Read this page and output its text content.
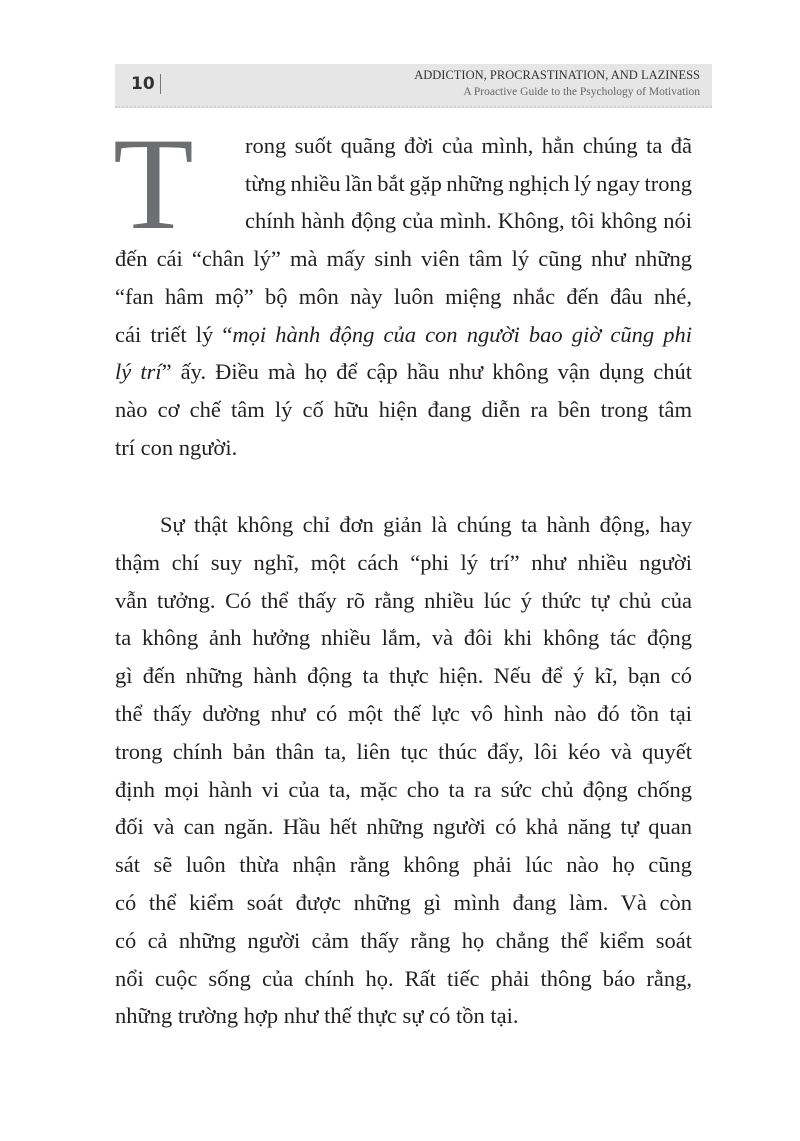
10	ADDICTION, PROCRASTINATION, AND LAZINESS
A Proactive Guide to the Psychology of Motivation
T rong suốt quãng đời của mình, hẳn chúng ta đã
từng nhiều lần bắt gặp những nghịch lý ngay trong
chính hành động của mình. Không, tôi không nói
đến cái “chân lý” mà mấy sinh viên tâm lý cũng như những
“fan hâm mộ” bộ môn này luôn miệng nhắc đến đâu nhé,
cái triết lý “mọi hành động của con người bao giờ cũng phi
lý trí” ấy. Điều mà họ để cập hầu như không vận dụng chút
nào cơ chế tâm lý cố hữu hiện đang diễn ra bên trong tâm
trí con người.
Sự thật không chỉ đơn giản là chúng ta hành động, hay
thậm chí suy nghĩ, một cách “phi lý trí” như nhiều người
vẫn tưởng. Có thể thấy rõ rằng nhiều lúc ý thức tự chủ của
ta không ảnh hưởng nhiều lắm, và đôi khi không tác động
gì đến những hành động ta thực hiện. Nếu để ý kĩ, bạn có
thể thấy dường như có một thế lực vô hình nào đó tồn tại
trong chính bản thân ta, liên tục thúc đẩy, lôi kéo và quyết
định mọi hành vi của ta, mặc cho ta ra sức chủ động chống
đối và can ngăn. Hầu hết những người có khả năng tự quan
sát sẽ luôn thừa nhận rằng không phải lúc nào họ cũng
có thể kiểm soát được những gì mình đang làm. Và còn
có cả những người cảm thấy rằng họ chẳng thể kiểm soát
nổi cuộc sống của chính họ. Rất tiếc phải thông báo rằng,
những trường hợp như thế thực sự có tồn tại.
